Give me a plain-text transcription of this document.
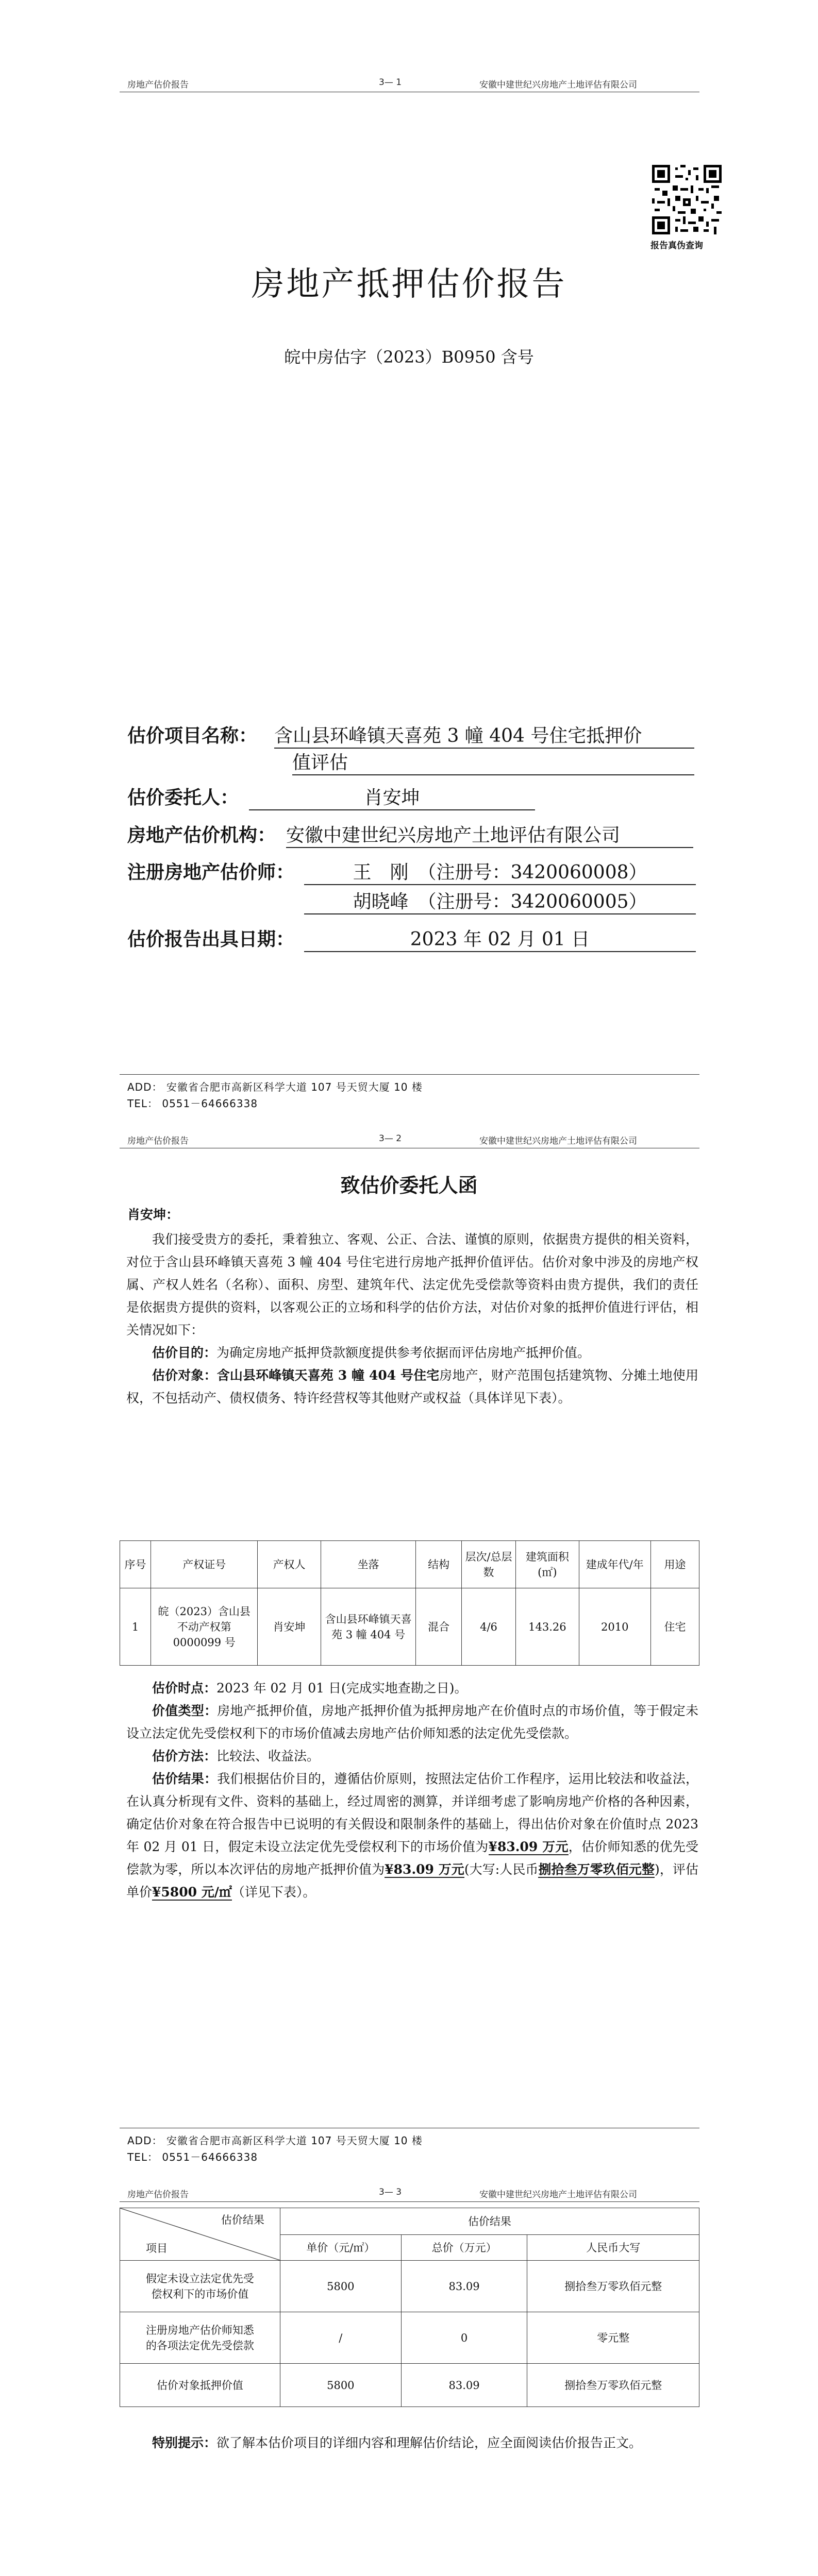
房地产估价报告	3— 1	安徽中建世纪兴房地产土地评估有限公司
报告真伪查询
房地产抵押估价报告
皖中房估字（2023）B0950 含号
估价项目名称： 含山县环峰镇天喜苑 3 幢 404 号住宅抵押价
值评估
估价委托人：	肖安坤
房地产估价机构： 安徽中建世纪兴房地产土地评估有限公司
注册房地产估价师：	王　刚　（注册号：3420060008）
胡晓峰　（注册号：3420060005）
估价报告出具日期：	2023 年 02 月 01 日
ADD： 安徽省合肥市高新区科学大道 107 号天贸大厦 10 楼
TEL： 0551－64666338
房地产估价报告	3— 2	安徽中建世纪兴房地产土地评估有限公司
致估价委托人函
肖安坤：

我们接受贵方的委托，秉着独立、客观、公正、合法、谨慎的原则，依据贵方提供的相关资料，对位于含山县环峰镇天喜苑 3 幢 404 号住宅进行房地产抵押价值评估。估价对象中涉及的房地产权属、产权人姓名（名称）、面积、房型、建筑年代、法定优先受偿款等资料由贵方提供，我们的责任是依据贵方提供的资料，以客观公正的立场和科学的估价方法，对估价对象的抵押价值进行评估，相关情况如下：

估价目的：为确定房地产抵押贷款额度提供参考依据而评估房地产抵押价值。

估价对象：含山县环峰镇天喜苑 3 幢 404 号住宅房地产，财产范围包括建筑物、分摊土地使用权，不包括动产、债权债务、特许经营权等其他财产或权益（具体详见下表）。

序号	产权证号	产权人	坐落	结构	层次/总层数	建筑面积(㎡)	建成年代/年	用途
1	皖（2023）含山县不动产权第0000099 号	肖安坤	含山县环峰镇天喜苑 3 幢 404 号	混合	4/6	143.26	2010	住宅

估价时点：2023 年 02 月 01 日(完成实地查勘之日)。

价值类型：房地产抵押价值，房地产抵押价值为抵押房地产在价值时点的市场价值，等于假定未设立法定优先受偿权利下的市场价值减去房地产估价师知悉的法定优先受偿款。

估价方法：比较法、收益法。

估价结果：我们根据估价目的，遵循估价原则，按照法定估价工作程序，运用比较法和收益法，在认真分析现有文件、资料的基础上，经过周密的测算，并详细考虑了影响房地产价格的各种因素，确定估价对象在符合报告中已说明的有关假设和限制条件的基础上，得出估价对象在价值时点 2023 年 02 月 01 日，假定未设立法定优先受偿权利下的市场价值为¥83.09 万元，估价师知悉的优先受偿款为零，所以本次评估的房地产抵押价值为¥83.09 万元(大写:人民币捌拾叁万零玖佰元整)，评估单价¥5800 元/㎡（详见下表）。

ADD： 安徽省合肥市高新区科学大道 107 号天贸大厦 10 楼
TEL： 0551－64666338
房地产估价报告	3— 3	安徽中建世纪兴房地产土地评估有限公司
估价结果
项目	估价结果		
	单价（元/㎡）	总价（万元）	人民币大写
假定未设立法定优先受偿权利下的市场价值	5800	83.09	捌拾叁万零玖佰元整
注册房地产估价师知悉的各项法定优先受偿款	/	0	零元整
估价对象抵押价值	5800	83.09	捌拾叁万零玖佰元整

特别提示：欲了解本估价项目的详细内容和理解估价结论，应全面阅读估价报告正文。
